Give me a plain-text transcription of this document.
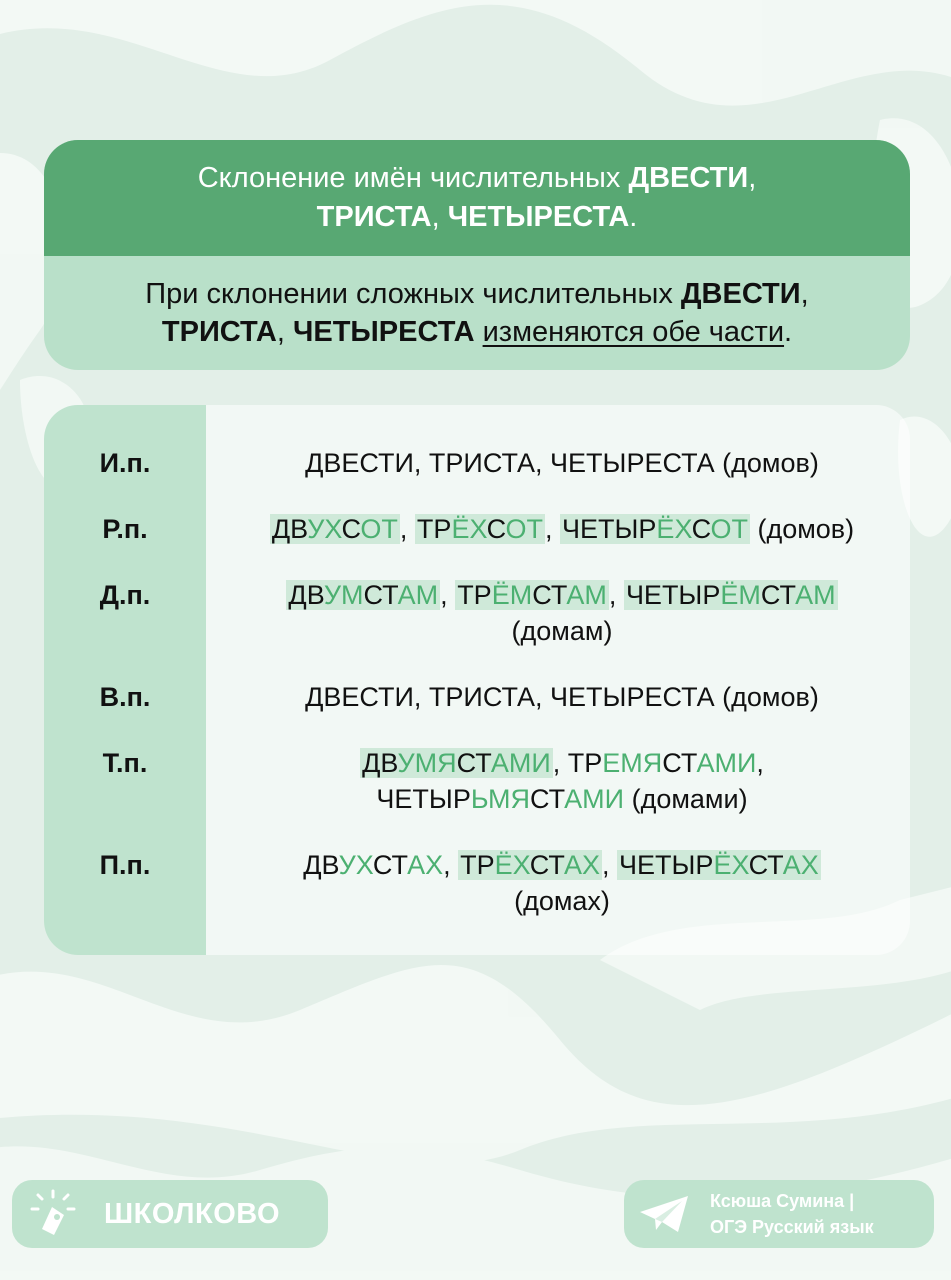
Склонение имён числительных ДВЕСТИ,
ТРИСТА, ЧЕТЫРЕСТА.
При склонении сложных числительных ДВЕСТИ,
ТРИСТА, ЧЕТЫРЕСТА изменяются обе части.
И.п.	ДВЕСТИ, ТРИСТА, ЧЕТЫРЕСТА (домов)
Р.п.	ДВУХСОТ, ТРЁХСОТ, ЧЕТЫРЁХСОТ (домов)
Д.п.	ДВУМСТАМ, ТРЁМСТАМ, ЧЕТЫРЁМСТАМ
(домам)
В.п.	ДВЕСТИ, ТРИСТА, ЧЕТЫРЕСТА (домов)
Т.п.	ДВУМЯСТАМИ, ТРЕМЯСТАМИ,
ЧЕТЫРЬМЯСТАМИ (домами)
П.п.	ДВУХСТАХ, ТРЁХСТАХ, ЧЕТЫРЁХСТАХ
(домах)
ШКОЛКОВО	Ксюша Сумина |
ОГЭ Русский язык
